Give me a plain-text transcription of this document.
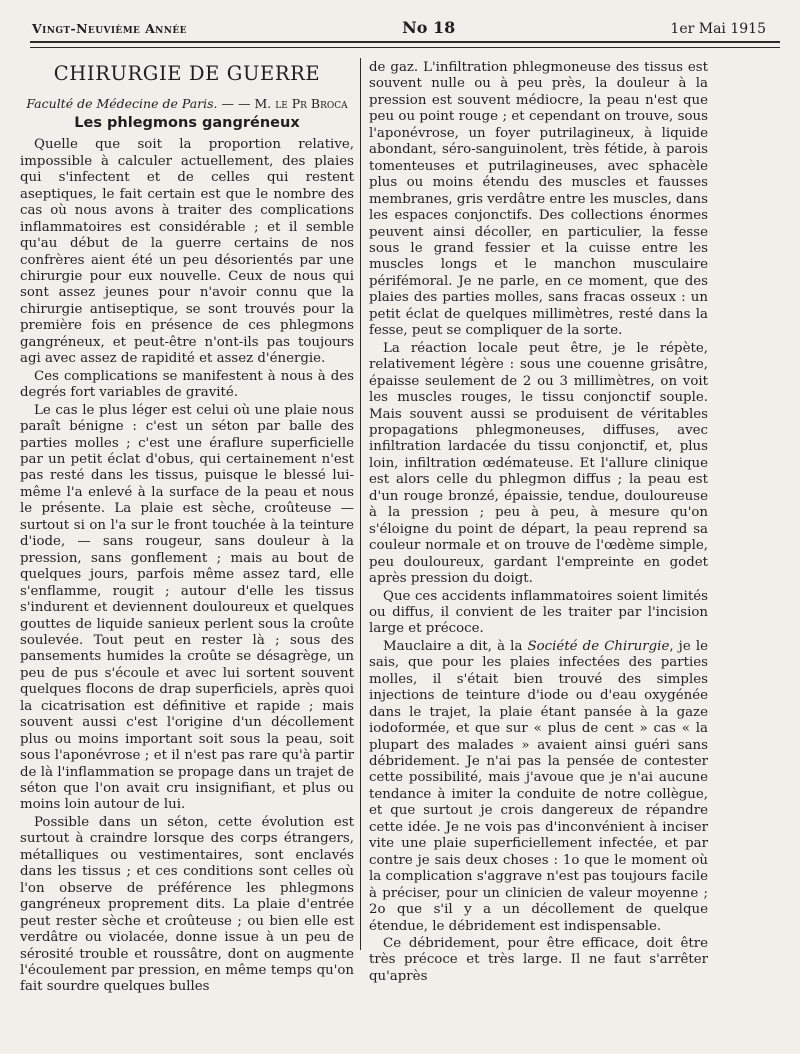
Vingt-Neuvième Année	No 18	1er Mai 1915
CHIRURGIE DE GUERRE
Faculté de Médecine de Paris. — — M. le Pr Broca
Les phlegmons gangréneux

Quelle que soit la proportion relative, impossible à calculer actuellement, des plaies qui s'infectent et de celles qui restent aseptiques, le fait certain est que le nombre des cas où nous avons à traiter des complications inflammatoires est considérable ; et il semble qu'au début de la guerre certains de nos confrères aient été un peu désorientés par une chirurgie pour eux nouvelle. Ceux de nous qui sont assez jeunes pour n'avoir connu que la chirurgie antiseptique, se sont trouvés pour la première fois en présence de ces phlegmons gangréneux, et peut-être n'ont-ils pas toujours agi avec assez de rapidité et assez d'énergie.

Ces complications se manifestent à nous à des degrés fort variables de gravité.

Le cas le plus léger est celui où une plaie nous paraît bénigne : c'est un séton par balle des parties molles ; c'est une éraflure superficielle par un petit éclat d'obus, qui certainement n'est pas resté dans les tissus, puisque le blessé lui-même l'a enlevé à la surface de la peau et nous le présente. La plaie est sèche, croûteuse — surtout si on l'a sur le front touchée à la teinture d'iode, — sans rougeur, sans douleur à la pression, sans gonflement ; mais au bout de quelques jours, parfois même assez tard, elle s'enflamme, rougit ; autour d'elle les tissus s'indurent et deviennent douloureux et quelques gouttes de liquide sanieux perlent sous la croûte soulevée. Tout peut en rester là ; sous des pansements humides la croûte se désagrège, un peu de pus s'écoule et avec lui sortent souvent quelques flocons de drap superficiels, après quoi la cicatrisation est définitive et rapide ; mais souvent aussi c'est l'origine d'un décollement plus ou moins important soit sous la peau, soit sous l'aponévrose ; et il n'est pas rare qu'à partir de là l'inflammation se propage dans un trajet de séton que l'on avait cru insignifiant, et plus ou moins loin autour de lui.

Possible dans un séton, cette évolution est surtout à craindre lorsque des corps étrangers, métalliques ou vestimentaires, sont enclavés dans les tissus ; et ces conditions sont celles où l'on observe de préférence les phlegmons gangréneux proprement dits. La plaie d'entrée peut rester sèche et croûteuse ; ou bien elle est verdâtre ou violacée, donne issue à un peu de sérosité trouble et roussâtre, dont on augmente l'écoulement par pression, en même temps qu'on fait sourdre quelques bulles

de gaz. L'infiltration phlegmoneuse des tissus est souvent nulle ou à peu près, la douleur à la pression est souvent médiocre, la peau n'est que peu ou point rouge ; et cependant on trouve, sous l'aponévrose, un foyer putrilagineux, à liquide abondant, séro-sanguinolent, très fétide, à parois tomenteuses et putrilagineuses, avec sphacèle plus ou moins étendu des muscles et fausses membranes, gris verdâtre entre les muscles, dans les espaces conjonctifs. Des collections énormes peuvent ainsi décoller, en particulier, la fesse sous le grand fessier et la cuisse entre les muscles longs et le manchon musculaire périfémoral. Je ne parle, en ce moment, que des plaies des parties molles, sans fracas osseux : un petit éclat de quelques millimètres, resté dans la fesse, peut se compliquer de la sorte.

La réaction locale peut être, je le répète, relativement légère : sous une couenne grisâtre, épaisse seulement de 2 ou 3 millimètres, on voit les muscles rouges, le tissu conjonctif souple. Mais souvent aussi se produisent de véritables propagations phlegmoneuses, diffuses, avec infiltration lardacée du tissu conjonctif, et, plus loin, infiltration œdémateuse. Et l'allure clinique est alors celle du phlegmon diffus ; la peau est d'un rouge bronzé, épaissie, tendue, douloureuse à la pression ; peu à peu, à mesure qu'on s'éloigne du point de départ, la peau reprend sa couleur normale et on trouve de l'œdème simple, peu douloureux, gardant l'empreinte en godet après pression du doigt.

Que ces accidents inflammatoires soient limités ou diffus, il convient de les traiter par l'incision large et précoce.

Mauclaire a dit, à la Société de Chirurgie, je le sais, que pour les plaies infectées des parties molles, il s'était bien trouvé des simples injections de teinture d'iode ou d'eau oxygénée dans le trajet, la plaie étant pansée à la gaze iodoformée, et que sur « plus de cent » cas « la plupart des malades » avaient ainsi guéri sans débridement. Je n'ai pas la pensée de contester cette possibilité, mais j'avoue que je n'ai aucune tendance à imiter la conduite de notre collègue, et que surtout je crois dangereux de répandre cette idée. Je ne vois pas d'inconvénient à inciser vite une plaie superficiellement infectée, et par contre je sais deux choses : 1o que le moment où la complication s'aggrave n'est pas toujours facile à préciser, pour un clinicien de valeur moyenne ; 2o que s'il y a un décollement de quelque étendue, le débridement est indispensable.

Ce débridement, pour être efficace, doit être très précoce et très large. Il ne faut s'arrêter qu'après
